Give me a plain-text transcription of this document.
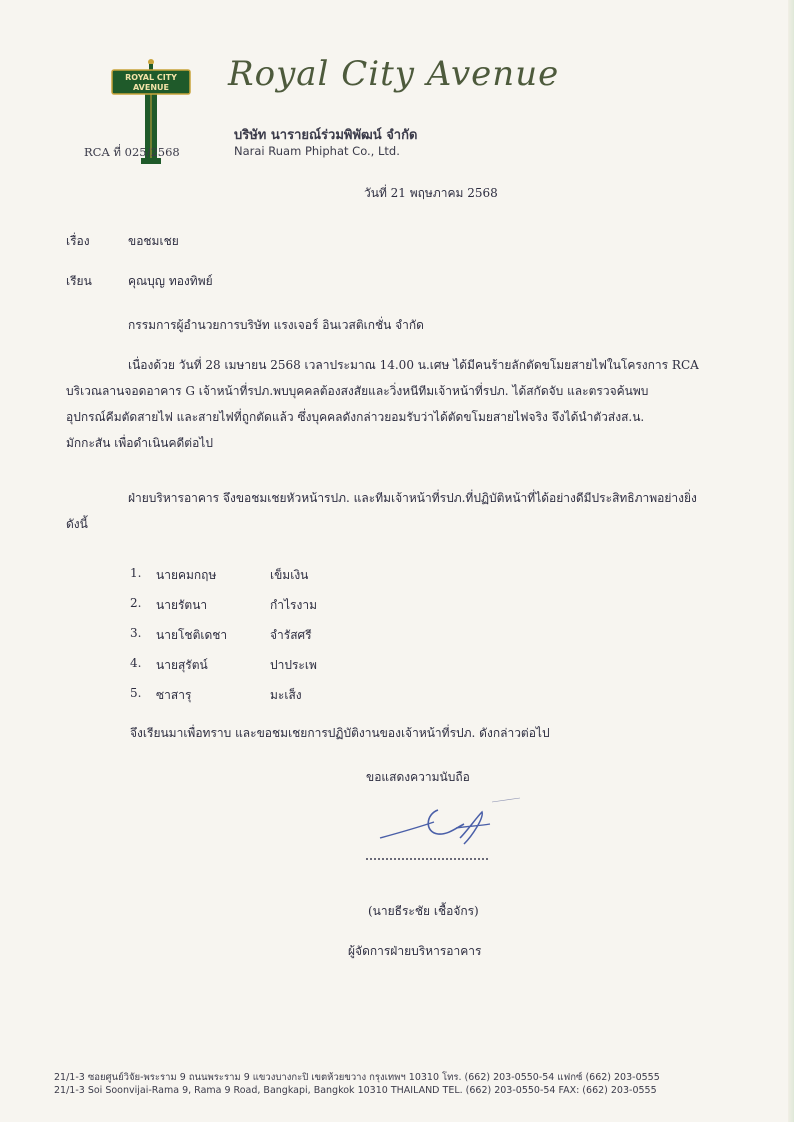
ROYAL CITY
AVENUE Royal City Avenue
บริษัท นารายณ์ร่วมพิพัฒน์ จำกัด
Narai Ruam Phiphat Co., Ltd.
RCA ที่ 025/2568
วันที่ 21 พฤษภาคม 2568
เรื่อง	ขอชมเชย
เรียน	คุณบุญ ทองทิพย์
กรรมการผู้อำนวยการบริษัท แรงเจอร์ อินเวสติเกชั่น จำกัด
เนื่องด้วย วันที่ 28 เมษายน 2568 เวลาประมาณ 14.00 น.เศษ ได้มีคนร้ายลักตัดขโมยสายไฟในโครงการ RCA
บริเวณลานจอดอาคาร G เจ้าหน้าที่รปภ.พบบุคคลต้องสงสัยและวิ่งหนีทีมเจ้าหน้าที่รปภ. ได้สกัดจับ และตรวจค้นพบ
อุปกรณ์คีมตัดสายไฟ และสายไฟที่ถูกตัดแล้ว ซึ่งบุคคลดังกล่าวยอมรับว่าได้ตัดขโมยสายไฟจริง จึงได้นำตัวส่งส.น.
มักกะสัน เพื่อดำเนินคดีต่อไป
ฝ่ายบริหารอาคาร จึงขอชมเชยหัวหน้ารปภ. และทีมเจ้าหน้าที่รปภ.ที่ปฏิบัติหน้าที่ได้อย่างดีมีประสิทธิภาพอย่างยิ่ง
ดังนี้
1.	นายคมกฤษ	เข็มเงิน
2.	นายรัตนา	กำไรงาม
3.	นายโชติเดชา	จำรัสศรี
4.	นายสุรัตน์	ปาประเพ
5.	ซาสารุ	มะเส็ง
จึงเรียนมาเพื่อทราบ และขอชมเชยการปฏิบัติงานของเจ้าหน้าที่รปภ. ดังกล่าวต่อไป
ขอแสดงความนับถือ
(นายธีระชัย เชื้อจักร)
ผู้จัดการฝ่ายบริหารอาคาร
21/1-3 ซอยศูนย์วิจัย-พระราม 9 ถนนพระราม 9 แขวงบางกะปิ เขตห้วยขวาง กรุงเทพฯ 10310 โทร. (662) 203-0550-54 แฟกซ์ (662) 203-0555
21/1-3 Soi Soonvijai-Rama 9, Rama 9 Road, Bangkapi, Bangkok 10310 THAILAND TEL. (662) 203-0550-54 FAX: (662) 203-0555
